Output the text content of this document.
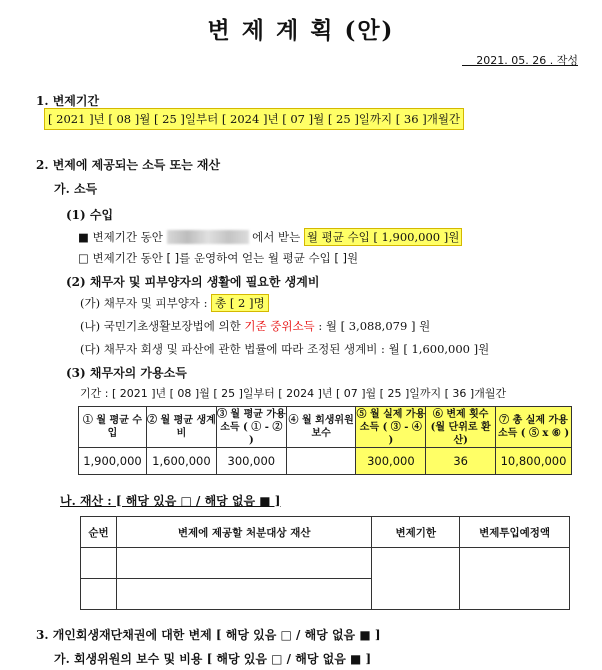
변 제 계 획 (안)
2021. 05. 26 . 작성
1. 변제기간
[ 2021 ]년 [ 08 ]월 [ 25 ]일부터 [ 2024 ]년 [ 07 ]월 [ 25 ]일까지 [ 36 ]개월간
2. 변제에 제공되는 소득 또는 재산
가. 소득
(1) 수입
■ 변제기간 동안	에서 받는 월 평균 수입 [ 1,900,000 ]원
□ 변제기간 동안 [ ]를 운영하여 얻는 월 평균 수입 [ ]원
(2) 채무자 및 피부양자의 생활에 필요한 생계비
(가) 채무자 및 피부양자 : 총 [ 2 ]명
(나) 국민기초생활보장법에 의한 기준 중위소득 : 월 [ 3,088,079 ] 원
(다) 채무자 회생 및 파산에 관한 법률에 따라 조정된 생계비 : 월 [ 1,600,000 ]원
(3) 채무자의 가용소득
기간 : [ 2021 ]년 [ 08 ]월 [ 25 ]일부터 [ 2024 ]년 [ 07 ]월 [ 25 ]일까지 [ 36 ]개월간
① 월 평균 수입	② 월 평균 생계비	③ 월 평균 가용소득 ( ① - ② )	④ 월 회생위원 보수	⑤ 월 실제 가용소득 ( ③ - ④ )	⑥ 변제 횟수 (월 단위로 환산)	⑦ 총 실제 가용소득 ( ⑤ x ⑥ )
1,900,000	1,600,000	300,000		300,000	36	10,800,000
나. 재산 : [ 해당 있음 □ / 해당 없음 ■ ]
순번	변제에 제공할 처분대상 재산	변제기한	변제투입예정액

3. 개인회생재단채권에 대한 변제 [ 해당 있음 □ / 해당 없음 ■ ]
가. 회생위원의 보수 및 비용 [ 해당 있음 □ / 해당 없음 ■ ]
